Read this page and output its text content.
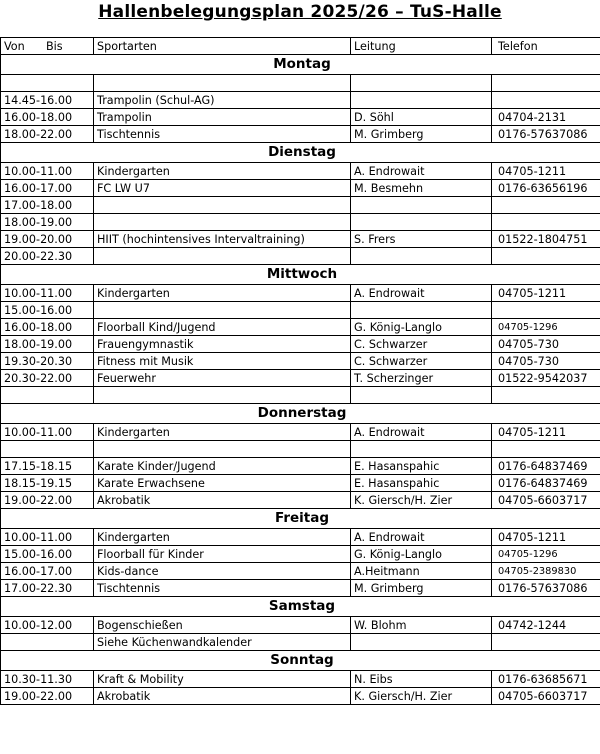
Hallenbelegungsplan 2025/26 – TuS-Halle
Von Bis	Sportarten	Leitung	Telefon
Montag			

14.45-16.00	Trampolin (Schul-AG)		
16.00-18.00	Trampolin	D. Söhl	04704-2131
18.00-22.00	Tischtennis	M. Grimberg	0176-57637086
Dienstag			
10.00-11.00	Kindergarten	A. Endrowait	04705-1211
16.00-17.00	FC LW U7	M. Besmehn	0176-63656196
17.00-18.00			
18.00-19.00			
19.00-20.00	HIIT (hochintensives Intervaltraining)	S. Frers	01522-1804751
20.00-22.30			
Mittwoch			
10.00-11.00	Kindergarten	A. Endrowait	04705-1211
15.00-16.00			
16.00-18.00	Floorball Kind/Jugend	G. König-Langlo	04705-1296
18.00-19.00	Frauengymnastik	C. Schwarzer	04705-730
19.30-20.30	Fitness mit Musik	C. Schwarzer	04705-730
20.30-22.00	Feuerwehr	T. Scherzinger	01522-9542037

Donnerstag			
10.00-11.00	Kindergarten	A. Endrowait	04705-1211

17.15-18.15	Karate Kinder/Jugend	E. Hasanspahic	0176-64837469
18.15-19.15	Karate Erwachsene	E. Hasanspahic	0176-64837469
19.00-22.00	Akrobatik	K. Giersch/H. Zier	04705-6603717
Freitag			
10.00-11.00	Kindergarten	A. Endrowait	04705-1211
15.00-16.00	Floorball für Kinder	G. König-Langlo	04705-1296
16.00-17.00	Kids-dance	A.Heitmann	04705-2389830
17.00-22.30	Tischtennis	M. Grimberg	0176-57637086
Samstag			
10.00-12.00	Bogenschießen	W. Blohm	04742-1244
	Siehe Küchenwandkalender		
Sonntag			
10.30-11.30	Kraft & Mobility	N. Eibs	0176-63685671
19.00-22.00	Akrobatik	K. Giersch/H. Zier	04705-6603717
